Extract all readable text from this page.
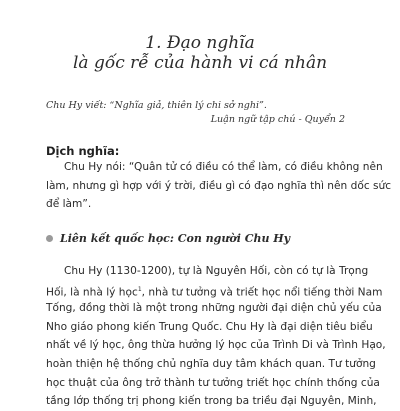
1. Đạo nghĩa
là gốc rễ của hành vi cá nhân
Chu Hy viết: “Nghĩa giả, thiên lý chi sở nghi”.
Luận ngữ tập chú - Quyển 2
Dịch nghĩa:
Chu Hy nói: “Quân tử có điều có thể làm, có điều không nên
làm, nhưng gì hợp với ý trời, điều gì có đạo nghĩa thì nên dốc sức
để làm”.
Liên kết quốc học: Con người Chu Hy
Chu Hy (1130-1200), tự là Nguyên Hối, còn có tự là Trọng
Hối, là nhà lý học$^1$, nhà tư tưởng và triết học nổi tiếng thời Nam
Tống, đồng thời là một trong những người đại diện chủ yếu của
Nho giáo phong kiến Trung Quốc. Chu Hy là đại diện tiêu biểu
nhất về lý học, ông thừa hưởng lý học của Trình Di và Trình Hạo,
hoàn thiện hệ thống chủ nghĩa duy tâm khách quan. Tư tưởng
học thuật của ông trở thành tư tưởng triết học chính thống của
tầng lớp thống trị phong kiến trong ba triều đại Nguyên, Minh,
